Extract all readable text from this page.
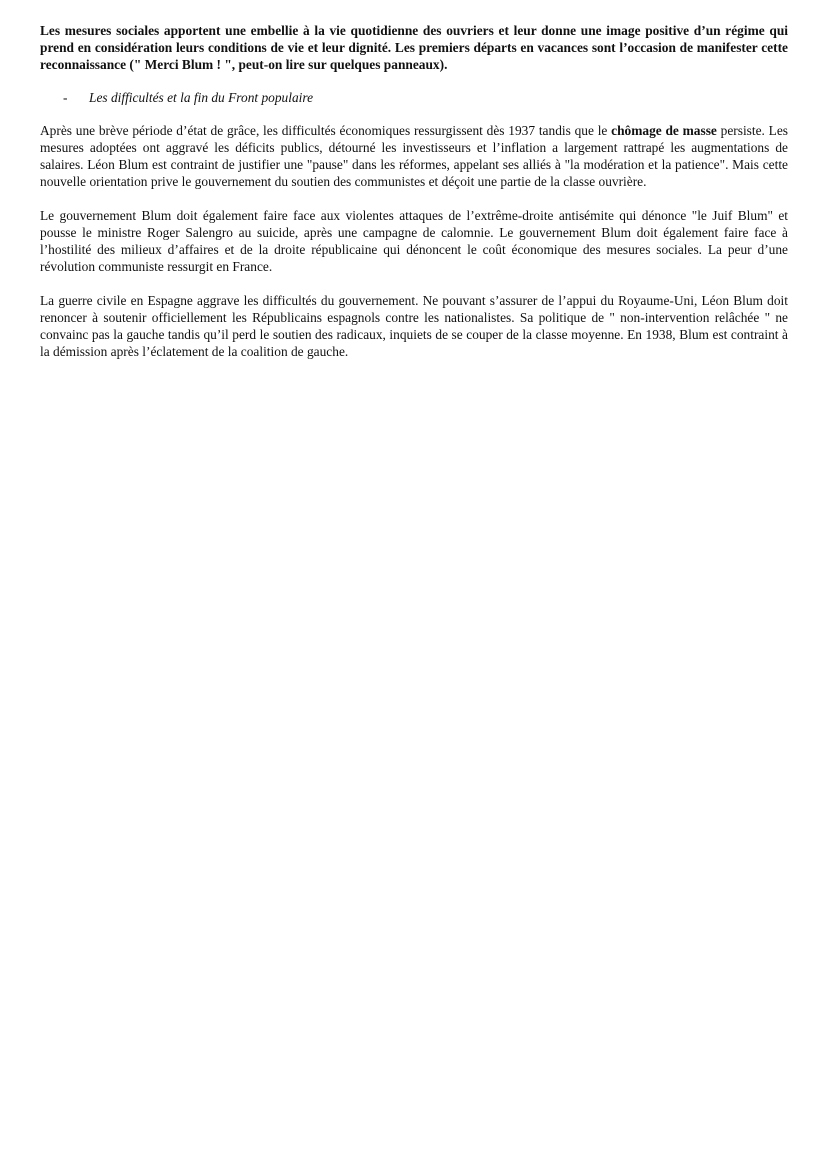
Les mesures sociales apportent une embellie à la vie quotidienne des ouvriers et leur donne une image positive d’un régime qui prend en considération leurs conditions de vie et leur dignité. Les premiers départs en vacances sont l’occasion de manifester cette reconnaissance (" Merci Blum ! ", peut-on lire sur quelques panneaux).

-	Les difficultés et la fin du Front populaire

Après une brève période d’état de grâce, les difficultés économiques ressurgissent dès 1937 tandis que le chômage de masse persiste. Les mesures adoptées ont aggravé les déficits publics, détourné les investisseurs et l’inflation a largement rattrapé les augmentations de salaires. Léon Blum est contraint de justifier une "pause" dans les réformes, appelant ses alliés à "la modération et la patience". Mais cette nouvelle orientation prive le gouvernement du soutien des communistes et déçoit une partie de la classe ouvrière.

Le gouvernement Blum doit également faire face aux violentes attaques de l’extrême-droite antisémite qui dénonce "le Juif Blum" et pousse le ministre Roger Salengro au suicide, après une campagne de calomnie. Le gouvernement Blum doit également faire face à l’hostilité des milieux d’affaires et de la droite républicaine qui dénoncent le coût économique des mesures sociales. La peur d’une révolution communiste ressurgit en France.

La guerre civile en Espagne aggrave les difficultés du gouvernement. Ne pouvant s’assurer de l’appui du Royaume-Uni, Léon Blum doit renoncer à soutenir officiellement les Républicains espagnols contre les nationalistes. Sa politique de " non-intervention relâchée " ne convainc pas la gauche tandis qu’il perd le soutien des radicaux, inquiets de se couper de la classe moyenne. En 1938, Blum est contraint à la démission après l’éclatement de la coalition de gauche.
